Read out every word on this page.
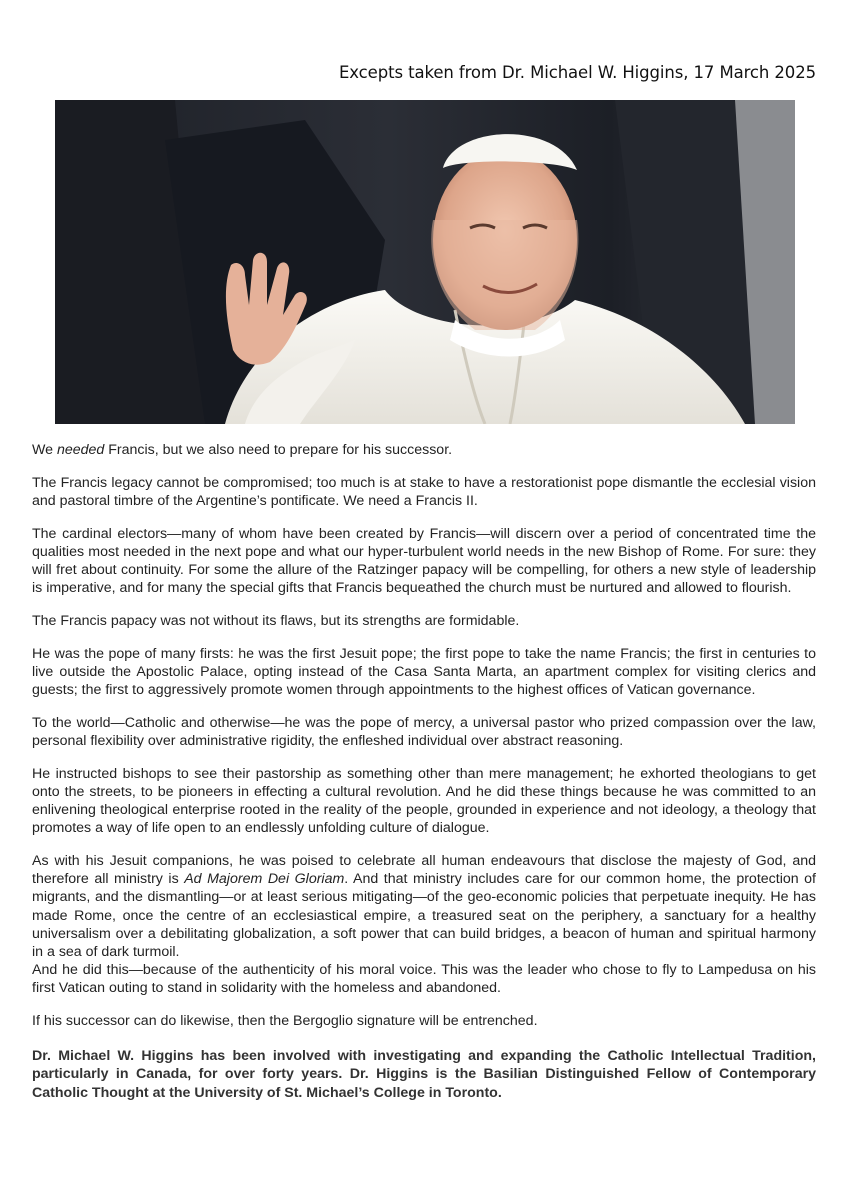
Excepts taken from Dr. Michael W. Higgins, 17 March 2025

We needed Francis, but we also need to prepare for his successor.

The Francis legacy cannot be compromised; too much is at stake to have a restorationist pope dismantle the ecclesial vision and pastoral timbre of the Argentine’s pontificate. We need a Francis II.

The cardinal electors—many of whom have been created by Francis—will discern over a period of concentrated time the qualities most needed in the next pope and what our hyper-turbulent world needs in the new Bishop of Rome. For sure: they will fret about continuity. For some the allure of the Ratzinger papacy will be compelling, for others a new style of leadership is imperative, and for many the special gifts that Francis bequeathed the church must be nurtured and allowed to flourish.

The Francis papacy was not without its flaws, but its strengths are formidable.

He was the pope of many firsts: he was the first Jesuit pope; the first pope to take the name Francis; the first in centuries to live outside the Apostolic Palace, opting instead of the Casa Santa Marta, an apartment complex for visiting clerics and guests; the first to aggressively promote women through appointments to the highest offices of Vatican governance.

To the world—Catholic and otherwise—he was the pope of mercy, a universal pastor who prized compassion over the law, personal flexibility over administrative rigidity, the enfleshed individual over abstract reasoning.

He instructed bishops to see their pastorship as something other than mere management; he exhorted theologians to get onto the streets, to be pioneers in effecting a cultural revolution. And he did these things because he was committed to an enlivening theological enterprise rooted in the reality of the people, grounded in experience and not ideology, a theology that promotes a way of life open to an endlessly unfolding culture of dialogue.

As with his Jesuit companions, he was poised to celebrate all human endeavours that disclose the majesty of God, and therefore all ministry is Ad Majorem Dei Gloriam. And that ministry includes care for our common home, the protection of migrants, and the dismantling—or at least serious mitigating—of the geo-economic policies that perpetuate inequity. He has made Rome, once the centre of an ecclesiastical empire, a treasured seat on the periphery, a sanctuary for a healthy universalism over a debilitating globalization, a soft power that can build bridges, a beacon of human and spiritual harmony in a sea of dark turmoil.

And he did this—because of the authenticity of his moral voice. This was the leader who chose to fly to Lampedusa on his first Vatican outing to stand in solidarity with the homeless and abandoned.

If his successor can do likewise, then the Bergoglio signature will be entrenched.

Dr. Michael W. Higgins has been involved with investigating and expanding the Catholic Intellectual Tradition, particularly in Canada, for over forty years. Dr. Higgins is the Basilian Distinguished Fellow of Contemporary Catholic Thought at the University of St. Michael’s College in Toronto.
